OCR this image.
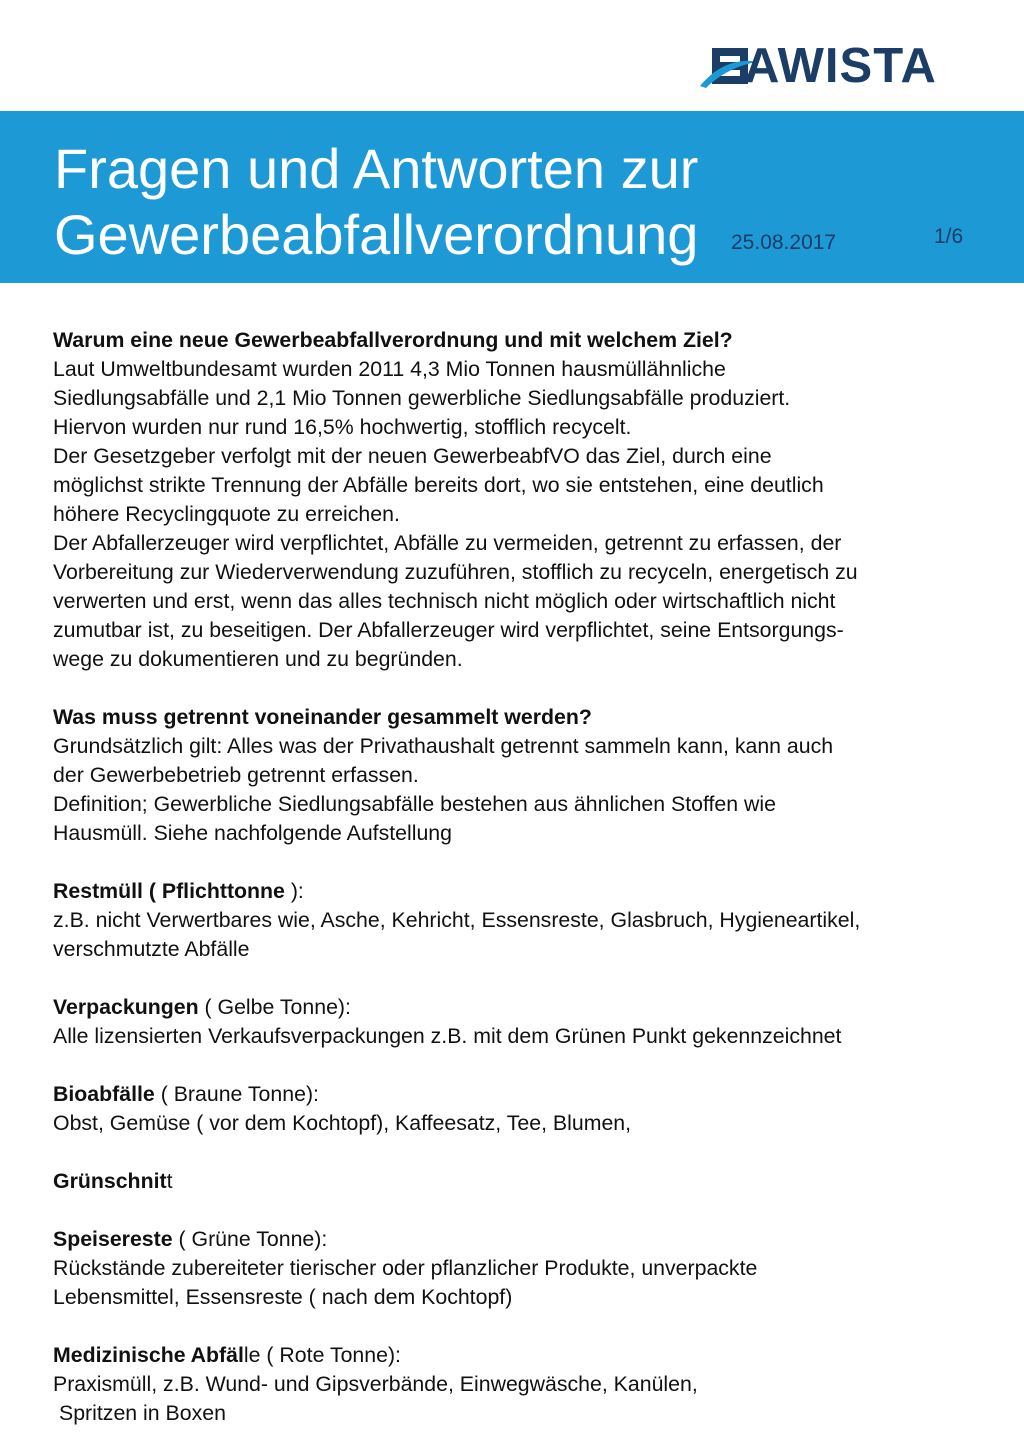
AWISTA
Fragen und Antworten zur
Gewerbeabfallverordnung 25.08.2017	1/6

Warum eine neue Gewerbeabfallverordnung und mit welchem Ziel?

Laut Umweltbundesamt wurden 2011 4,3 Mio Tonnen hausmüllähnliche

Siedlungsabfälle und 2,1 Mio Tonnen gewerbliche Siedlungsabfälle produziert.

Hiervon wurden nur rund 16,5% hochwertig, stofflich recycelt.

Der Gesetzgeber verfolgt mit der neuen GewerbeabfVO das Ziel, durch eine

möglichst strikte Trennung der Abfälle bereits dort, wo sie entstehen, eine deutlich

höhere Recyclingquote zu erreichen.

Der Abfallerzeuger wird verpflichtet, Abfälle zu vermeiden, getrennt zu erfassen, der

Vorbereitung zur Wiederverwendung zuzuführen, stofflich zu recyceln, energetisch zu

verwerten und erst, wenn das alles technisch nicht möglich oder wirtschaftlich nicht

zumutbar ist, zu beseitigen. Der Abfallerzeuger wird verpflichtet, seine Entsorgungs-

wege zu dokumentieren und zu begründen.

Was muss getrennt voneinander gesammelt werden?

Grundsätzlich gilt: Alles was der Privathaushalt getrennt sammeln kann, kann auch

der Gewerbebetrieb getrennt erfassen.

Definition; Gewerbliche Siedlungsabfälle bestehen aus ähnlichen Stoffen wie

Hausmüll. Siehe nachfolgende Aufstellung

Restmüll ( Pflichttonne ):

z.B. nicht Verwertbares wie, Asche, Kehricht, Essensreste, Glasbruch, Hygieneartikel,

verschmutzte Abfälle

Verpackungen ( Gelbe Tonne):

Alle lizensierten Verkaufsverpackungen z.B. mit dem Grünen Punkt gekennzeichnet

Bioabfälle ( Braune Tonne):

Obst, Gemüse ( vor dem Kochtopf), Kaffeesatz, Tee, Blumen,

Grünschnitt

Speisereste ( Grüne Tonne):

Rückstände zubereiteter tierischer oder pflanzlicher Produkte, unverpackte

Lebensmittel, Essensreste ( nach dem Kochtopf)

Medizinische Abfälle ( Rote Tonne):

Praxismüll, z.B. Wund- und Gipsverbände, Einwegwäsche, Kanülen,

Spritzen in Boxen
